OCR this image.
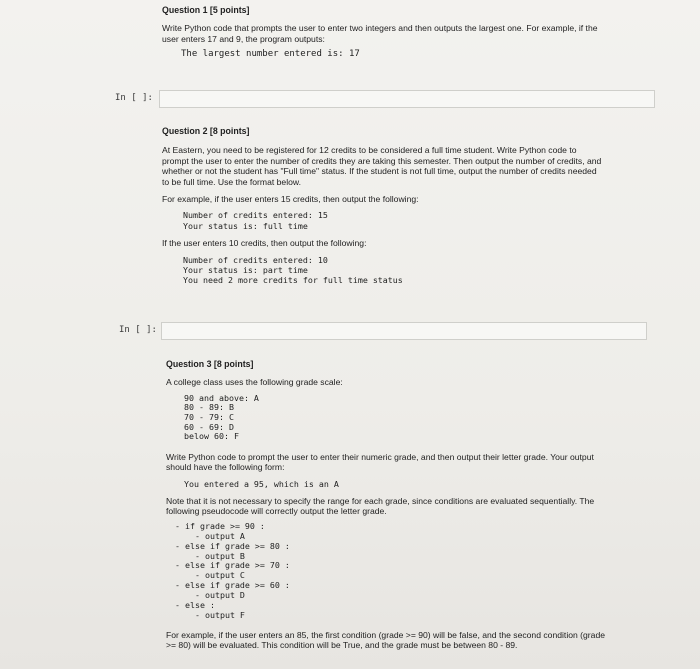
Question 1 [5 points]

Write Python code that prompts the user to enter two integers and then outputs the largest one. For example, if the

user enters 17 and 9, the program outputs:

The largest number entered is: 17

In [ ]:

Question 2 [8 points]

At Eastern, you need to be registered for 12 credits to be considered a full time student. Write Python code to

prompt the user to enter the number of credits they are taking this semester. Then output the number of credits, and

whether or not the student has "Full time" status. If the student is not full time, output the number of credits needed

to be full time. Use the format below.

For example, if the user enters 15 credits, then output the following:

Number of credits entered: 15

Your status is: full time

If the user enters 10 credits, then output the following:

Number of credits entered: 10

Your status is: part time

You need 2 more credits for full time status

In [ ]:

Question 3 [8 points]

A college class uses the following grade scale:

90 and above: A

80 - 89: B

70 - 79: C

60 - 69: D

below 60: F

Write Python code to prompt the user to enter their numeric grade, and then output their letter grade. Your output

should have the following form:

You entered a 95, which is an A

Note that it is not necessary to specify the range for each grade, since conditions are evaluated sequentially. The

following pseudocode will correctly output the letter grade.

- if grade >= 90 :

- output A

- else if grade >= 80 :

- output B

- else if grade >= 70 :

- output C

- else if grade >= 60 :

- output D

- else :

- output F

For example, if the user enters an 85, the first condition (grade >= 90) will be false, and the second condition (grade

>= 80) will be evaluated. This condition will be True, and the grade must be between 80 - 89.
